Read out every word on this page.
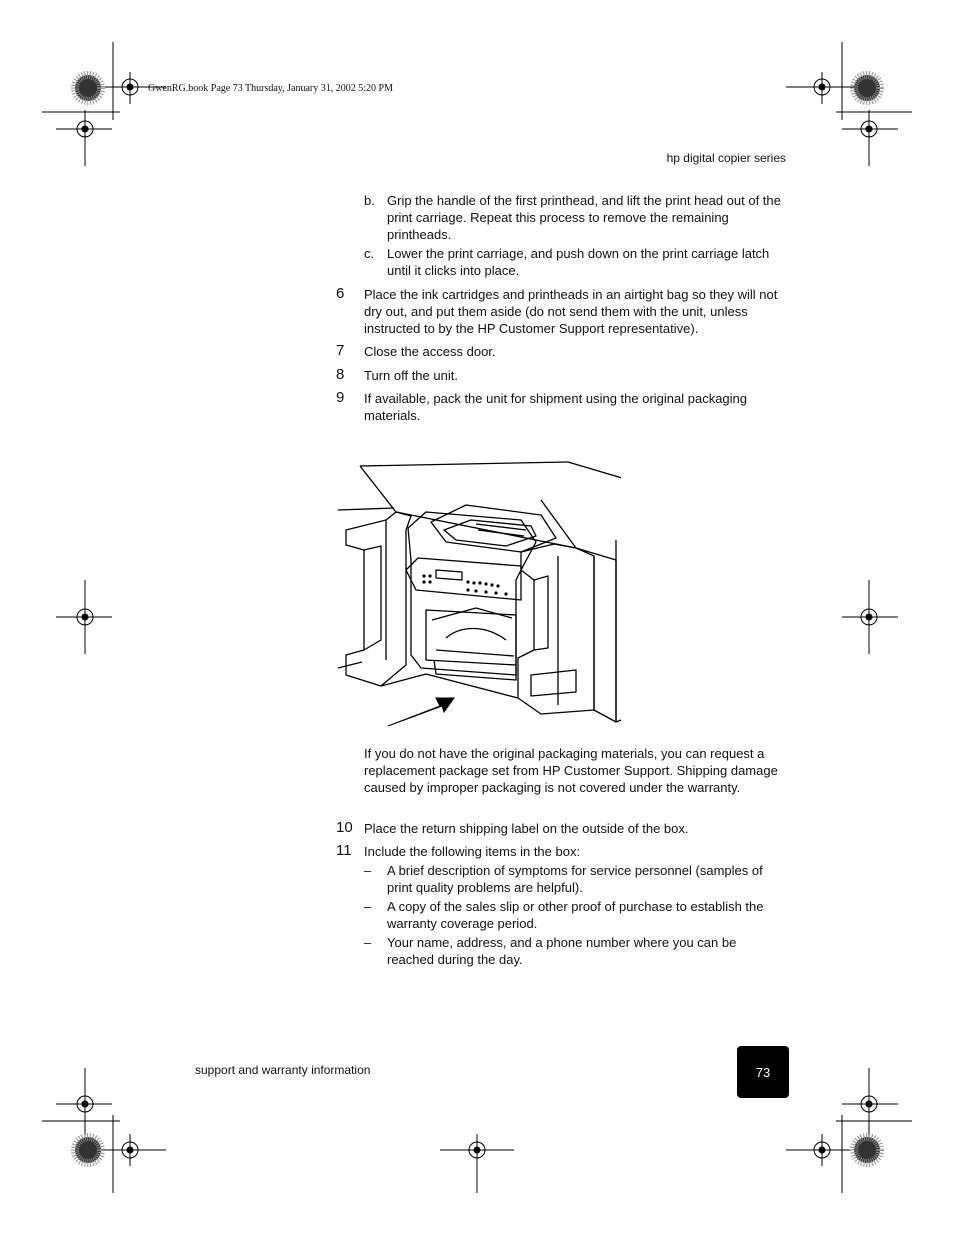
GwenRG.book Page 73 Thursday, January 31, 2002 5:20 PM
hp digital copier series
b. Grip the handle of the first printhead, and lift the print head out of the print carriage. Repeat this process to remove the remaining printheads.
c. Lower the print carriage, and push down on the print carriage latch until it clicks into place.
6 Place the ink cartridges and printheads in an airtight bag so they will not dry out, and put them aside (do not send them with the unit, unless instructed to by the HP Customer Support representative).
7 Close the access door.
8 Turn off the unit.
9 If available, pack the unit for shipment using the original packaging materials.
If you do not have the original packaging materials, you can request a replacement package set from HP Customer Support. Shipping damage caused by improper packaging is not covered under the warranty.
10 Place the return shipping label on the outside of the box.
11 Include the following items in the box:
– A brief description of symptoms for service personnel (samples of print quality problems are helpful).
– A copy of the sales slip or other proof of purchase to establish the warranty coverage period.
– Your name, address, and a phone number where you can be reached during the day.
support and warranty information	73
